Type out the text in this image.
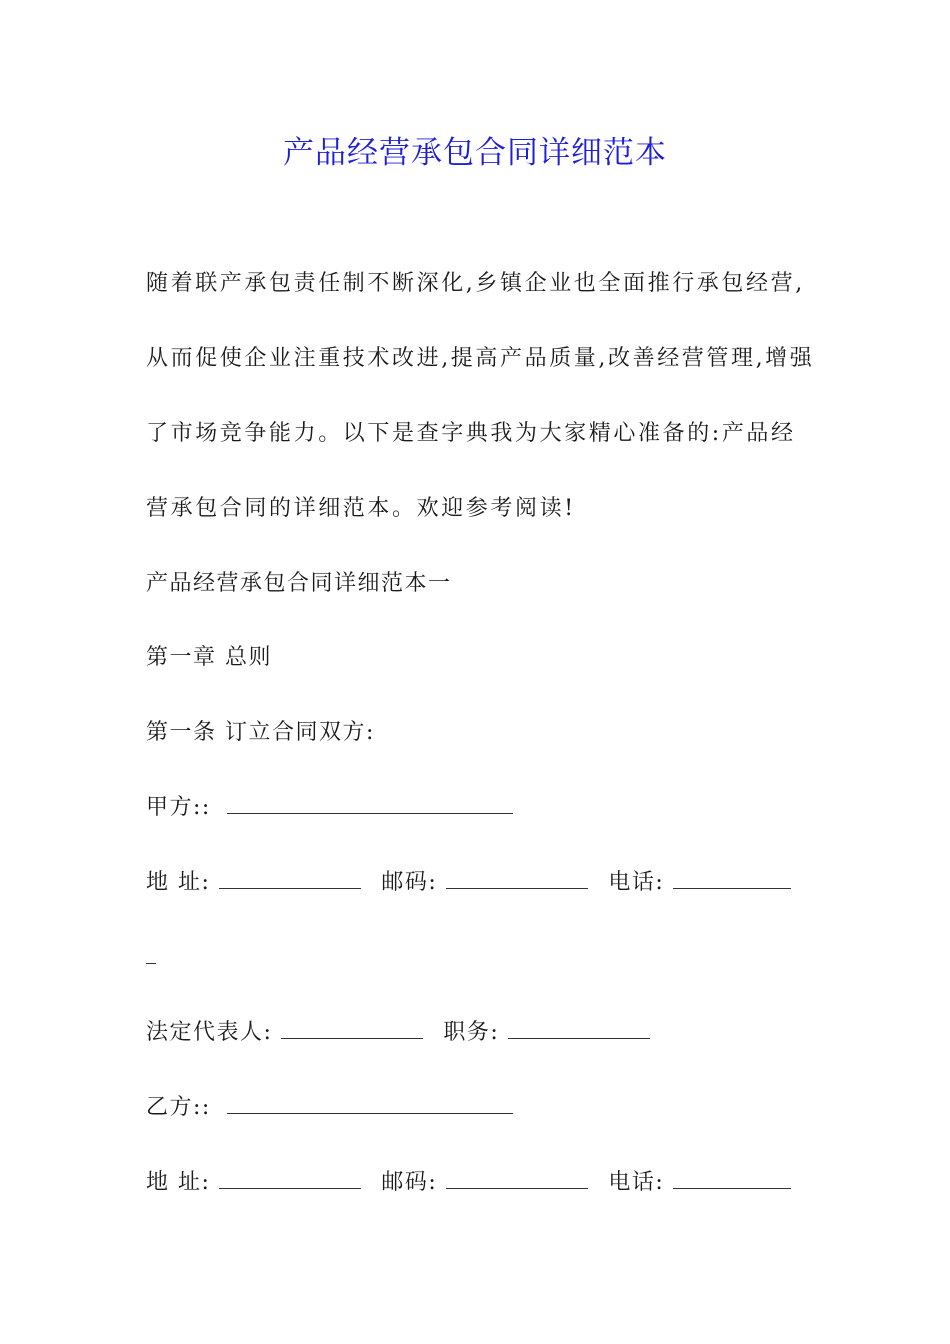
产品经营承包合同详细范本
随着联产承包责任制不断深化,乡镇企业也全面推行承包经营,
从而促使企业注重技术改进,提高产品质量,改善经营管理,增强
了市场竞争能力。以下是查字典我为大家精心准备的:产品经
营承包合同的详细范本。欢迎参考阅读!
产品经营承包合同详细范本一
第一章 总则
第一条 订立合同双方:
甲方::
地 址:	邮码:	电话:
法定代表人:	职务:
乙方::
地 址:	邮码:	电话:
